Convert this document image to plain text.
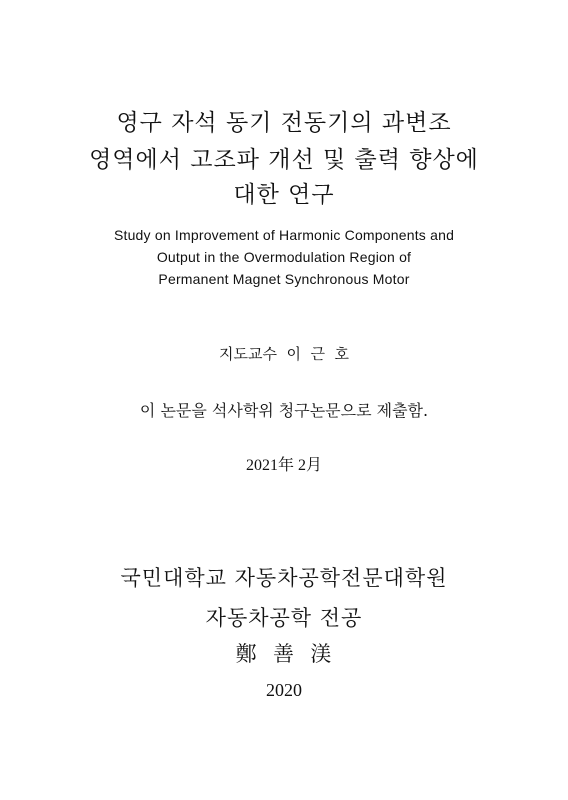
영구 자석 동기 전동기의 과변조
영역에서 고조파 개선 및 출력 향상에
대한 연구
Study on Improvement of Harmonic Components and
Output in the Overmodulation Region of
Permanent Magnet Synchronous Motor
지도교수  이  근  호
이 논문을 석사학위 청구논문으로 제출함.
2021年 2月
국민대학교 자동차공학전문대학원
자동차공학 전공
鄭  善  渼
2020
